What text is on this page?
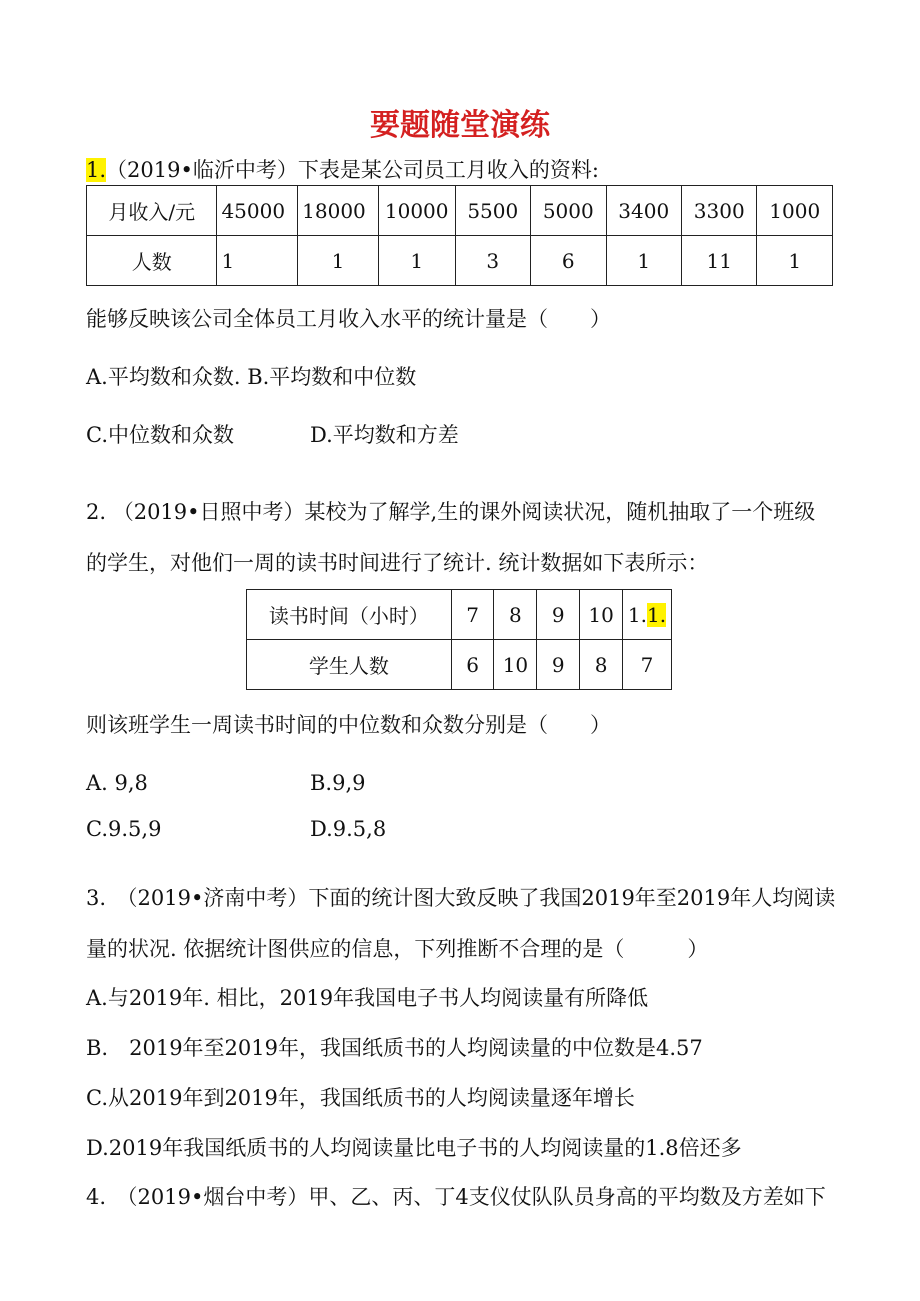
要题随堂演练
1.（2019•临沂中考）下表是某公司员工月收入的资料:
月收入/元	45000	18000	10000	5500	5000	3400	3300	1000
人数	1	1	1	3	6	1	11	1
能够反映该公司全体员工月收入水平的统计量是（　　）
A.平均数和众数. B.平均数和中位数
C.中位数和众数	D.平均数和方差
2. （2019•日照中考）某校为了解学,生的课外阅读状况，随机抽取了一个班级
的学生，对他们一周的读书时间进行了统计. 统计数据如下表所示：
读书时间（小时）	7	8	9	10	1.1.
学生人数	6	10	9	8	7
则该班学生一周读书时间的中位数和众数分别是（　　）
A. 9,8	B.9,9
C.9.5,9	D.9.5,8
3.　（2019•济南中考）下面的统计图大致反映了我国2019年至2019年人均阅读
量的状况. 依据统计图供应的信息，下列推断不合理的是（　　　）
A.与2019年. 相比，2019年我国电子书人均阅读量有所降低
B.　2019年至2019年，我国纸质书的人均阅读量的中位数是4.57
C.从2019年到2019年，我国纸质书的人均阅读量逐年增长
D.2019年我国纸质书的人均阅读量比电子书的人均阅读量的1.8倍还多
4.　（2019•烟台中考）甲、乙、丙、丁4支仪仗队队员身高的平均数及方差如下
